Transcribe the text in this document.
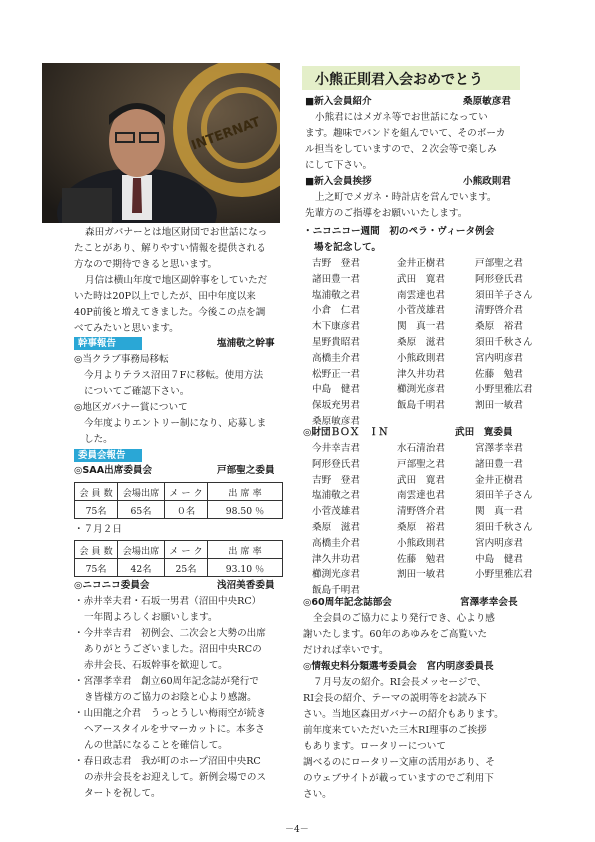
INTERNAT
小熊正則君入会おめでとう
■新入会員紹介	桑原敏彦君
小熊君にはメガネ等でお世話になってい
ます。趣味でバンドを組んでいて、そのボーカ
ル担当をしていますので、２次会等で楽しみ
にして下さい。
■新入会員挨拶	小熊政則君
上之町でメガネ・時計店を営んでいます。
先輩方のご指導をお願いいたします。
森田ガバナーとは地区財団でお世話になっ
たことがあり、解りやすい情報を提供される
方なので期待できると思います。
月信は横山年度で地区副幹事をしていただ
いた時は20P以上でしたが、田中年度以来
40P前後と増えてきました。今後この点を調
べてみたいと思います。
幹事報告	塩浦敬之幹事
◎当クラブ事務局移転
今月よりテラス沼田７Fに移転。使用方法
についてご確認下さい。
◎地区ガバナー賞について
今年度よりエントリー制になり、応募しま
した。
委員会報告
◎SAA出席委員会	戸部聖之委員
会 員 数	会場出席	メ ー ク	出 席 率
75名	65名	０名	98.50 ％
・７月２日
会 員 数	会場出席	メ ー ク	出 席 率
75名	42名	25名	93.10 ％
◎ニコニコ委員会	浅沼美香委員
・赤井幸夫君・石坂一男君（沼田中央RC）
一年間よろしくお願いします。
・今井幸吉君　初例会、二次会と大勢の出席
ありがとうございました。沼田中央RCの
赤井会長、石坂幹事を歓迎して。
・宮澤孝幸君　創立60周年記念誌が発行で
き皆様方のご協力のお陰と心より感謝。
・山田龍之介君　うっとうしい梅雨空が続き
ヘアースタイルをサマーカットに。本多さ
んの世話になることを確信して。
・春日政志君　我が町のホープ沼田中央RC
の赤井会長をお迎えして。新例会場でのス
タートを祝して。
・ニコニコー週間　初のペラ・ヴィータ例会
場を記念して。
吉野　登君	金井正樹君	戸部聖之君
諸田豊一君	武田　寛君	阿形登氏君
塩浦敬之君	南雲達也君	須田羊子さん
小倉　仁君	小菅茂雄君	清野啓介君
木下康彦君	関　真一君	桑原　裕君
星野貴昭君	桑原　滋君	須田千秋さん
高橋圭介君	小熊政則君	宮内明彦君
松野正一君	津久井功君	佐藤　勉君
中島　健君	櫛渕光彦君	小野里雅広君
保坂充男君	飯島千明君	割田一敏君
桑原敏彦君
◎財団ＢＯＸ　ＩＮ	武田　寛委員
今井幸吉君	水石清治君	宮澤孝幸君
阿形登氏君	戸部聖之君	諸田豊一君
吉野　登君	武田　寛君	金井正樹君
塩浦敬之君	南雲達也君	須田羊子さん
小菅茂雄君	清野啓介君	関　真一君
桑原　滋君	桑原　裕君	須田千秋さん
高橋圭介君	小熊政則君	宮内明彦君
津久井功君	佐藤　勉君	中島　健君
櫛渕光彦君	割田一敏君	小野里雅広君
飯島千明君
◎60周年記念誌部会	宮澤孝幸会長
全会員のご協力により発行でき、心より感
謝いたします。60年のあゆみをご高覧いた
だければ幸いです。
◎情報史料分類選考委員会　宮内明彦委員長
７月号友の紹介。RI会長メッセージで、
RI会長の紹介、テーマの説明等をお読み下
さい。当地区森田ガバナーの紹介もあります。
前年度来ていただいた三木RI理事のご挨拶
もあります。ロータリーについて
調べるのにロータリー文庫の活用があり、そ
のウェブサイトが載っていますのでご利用下
さい。
－4－
